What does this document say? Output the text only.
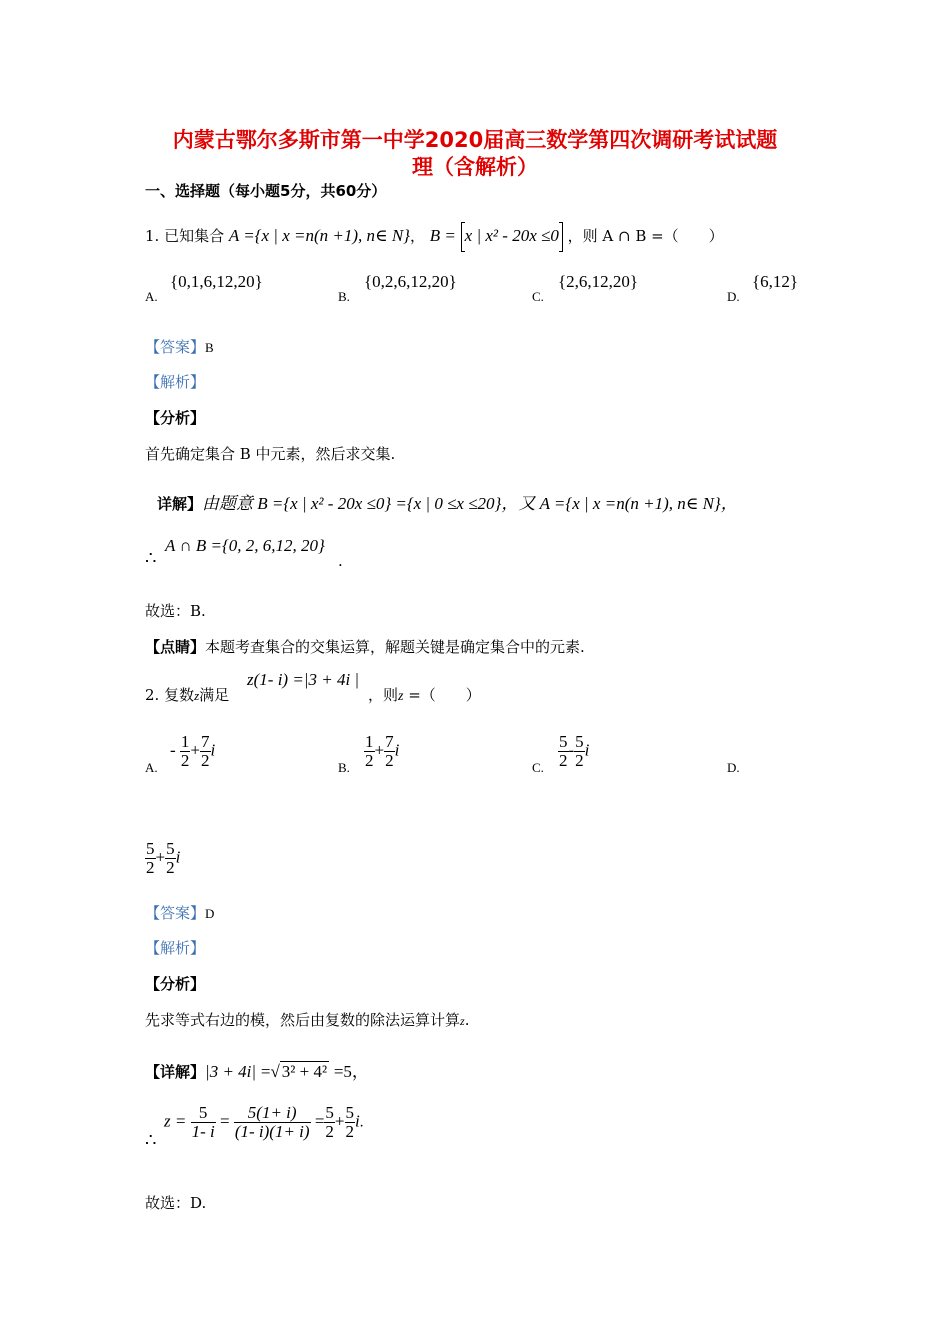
内蒙古鄂尔多斯市第一中学2020届高三数学第四次调研考试试题
理（含解析）
一、选择题（每小题5分，共60分）
1. 已知集合 A ={x | x =n(n +1), n∈ N}， B = x | x² - 20x ≤0 ，则 A ∩ B =（　　）
A.
{0,1,6,12,20}
B.
{0,2,6,12,20}
C.
{2,6,12,20}
D.
{6,12}
【答案】B
【解析】
【分析】
首先确定集合 B 中元素，然后求交集.
详解】由题意 B ={x | x² - 20x ≤0} ={x | 0 ≤x ≤20}，又 A ={x | x =n(n +1), n∈ N}，
∴
A ∩ B ={0, 2, 6,12, 20}
.
故选：B.
【点睛】本题考查集合的交集运算，解题关键是确定集合中的元素.
2. 复数z满足
z(1- i) =|3 + 4i |
，则z =（　　）
A.
- $\frac{1}{2} + \frac{7}{2}$ i
B. $\frac{1}{2} + \frac{7}{2}$ i
C. $\frac{5}{2} - \frac{5}{2}$ i
D.
$\frac{5}{2} + \frac{5}{2}$ i
【答案】D
【解析】
【分析】
先求等式右边的模，然后由复数的除法运算计算z.
【详解】|3 + 4i| =√ 3² + 4² =5，
∴
$z = \frac{5}{1- i} = \frac{5(1+ i)}{(1- i)(1+ i)} = \frac{5}{2} + \frac{5}{2} i$.
故选：D.
